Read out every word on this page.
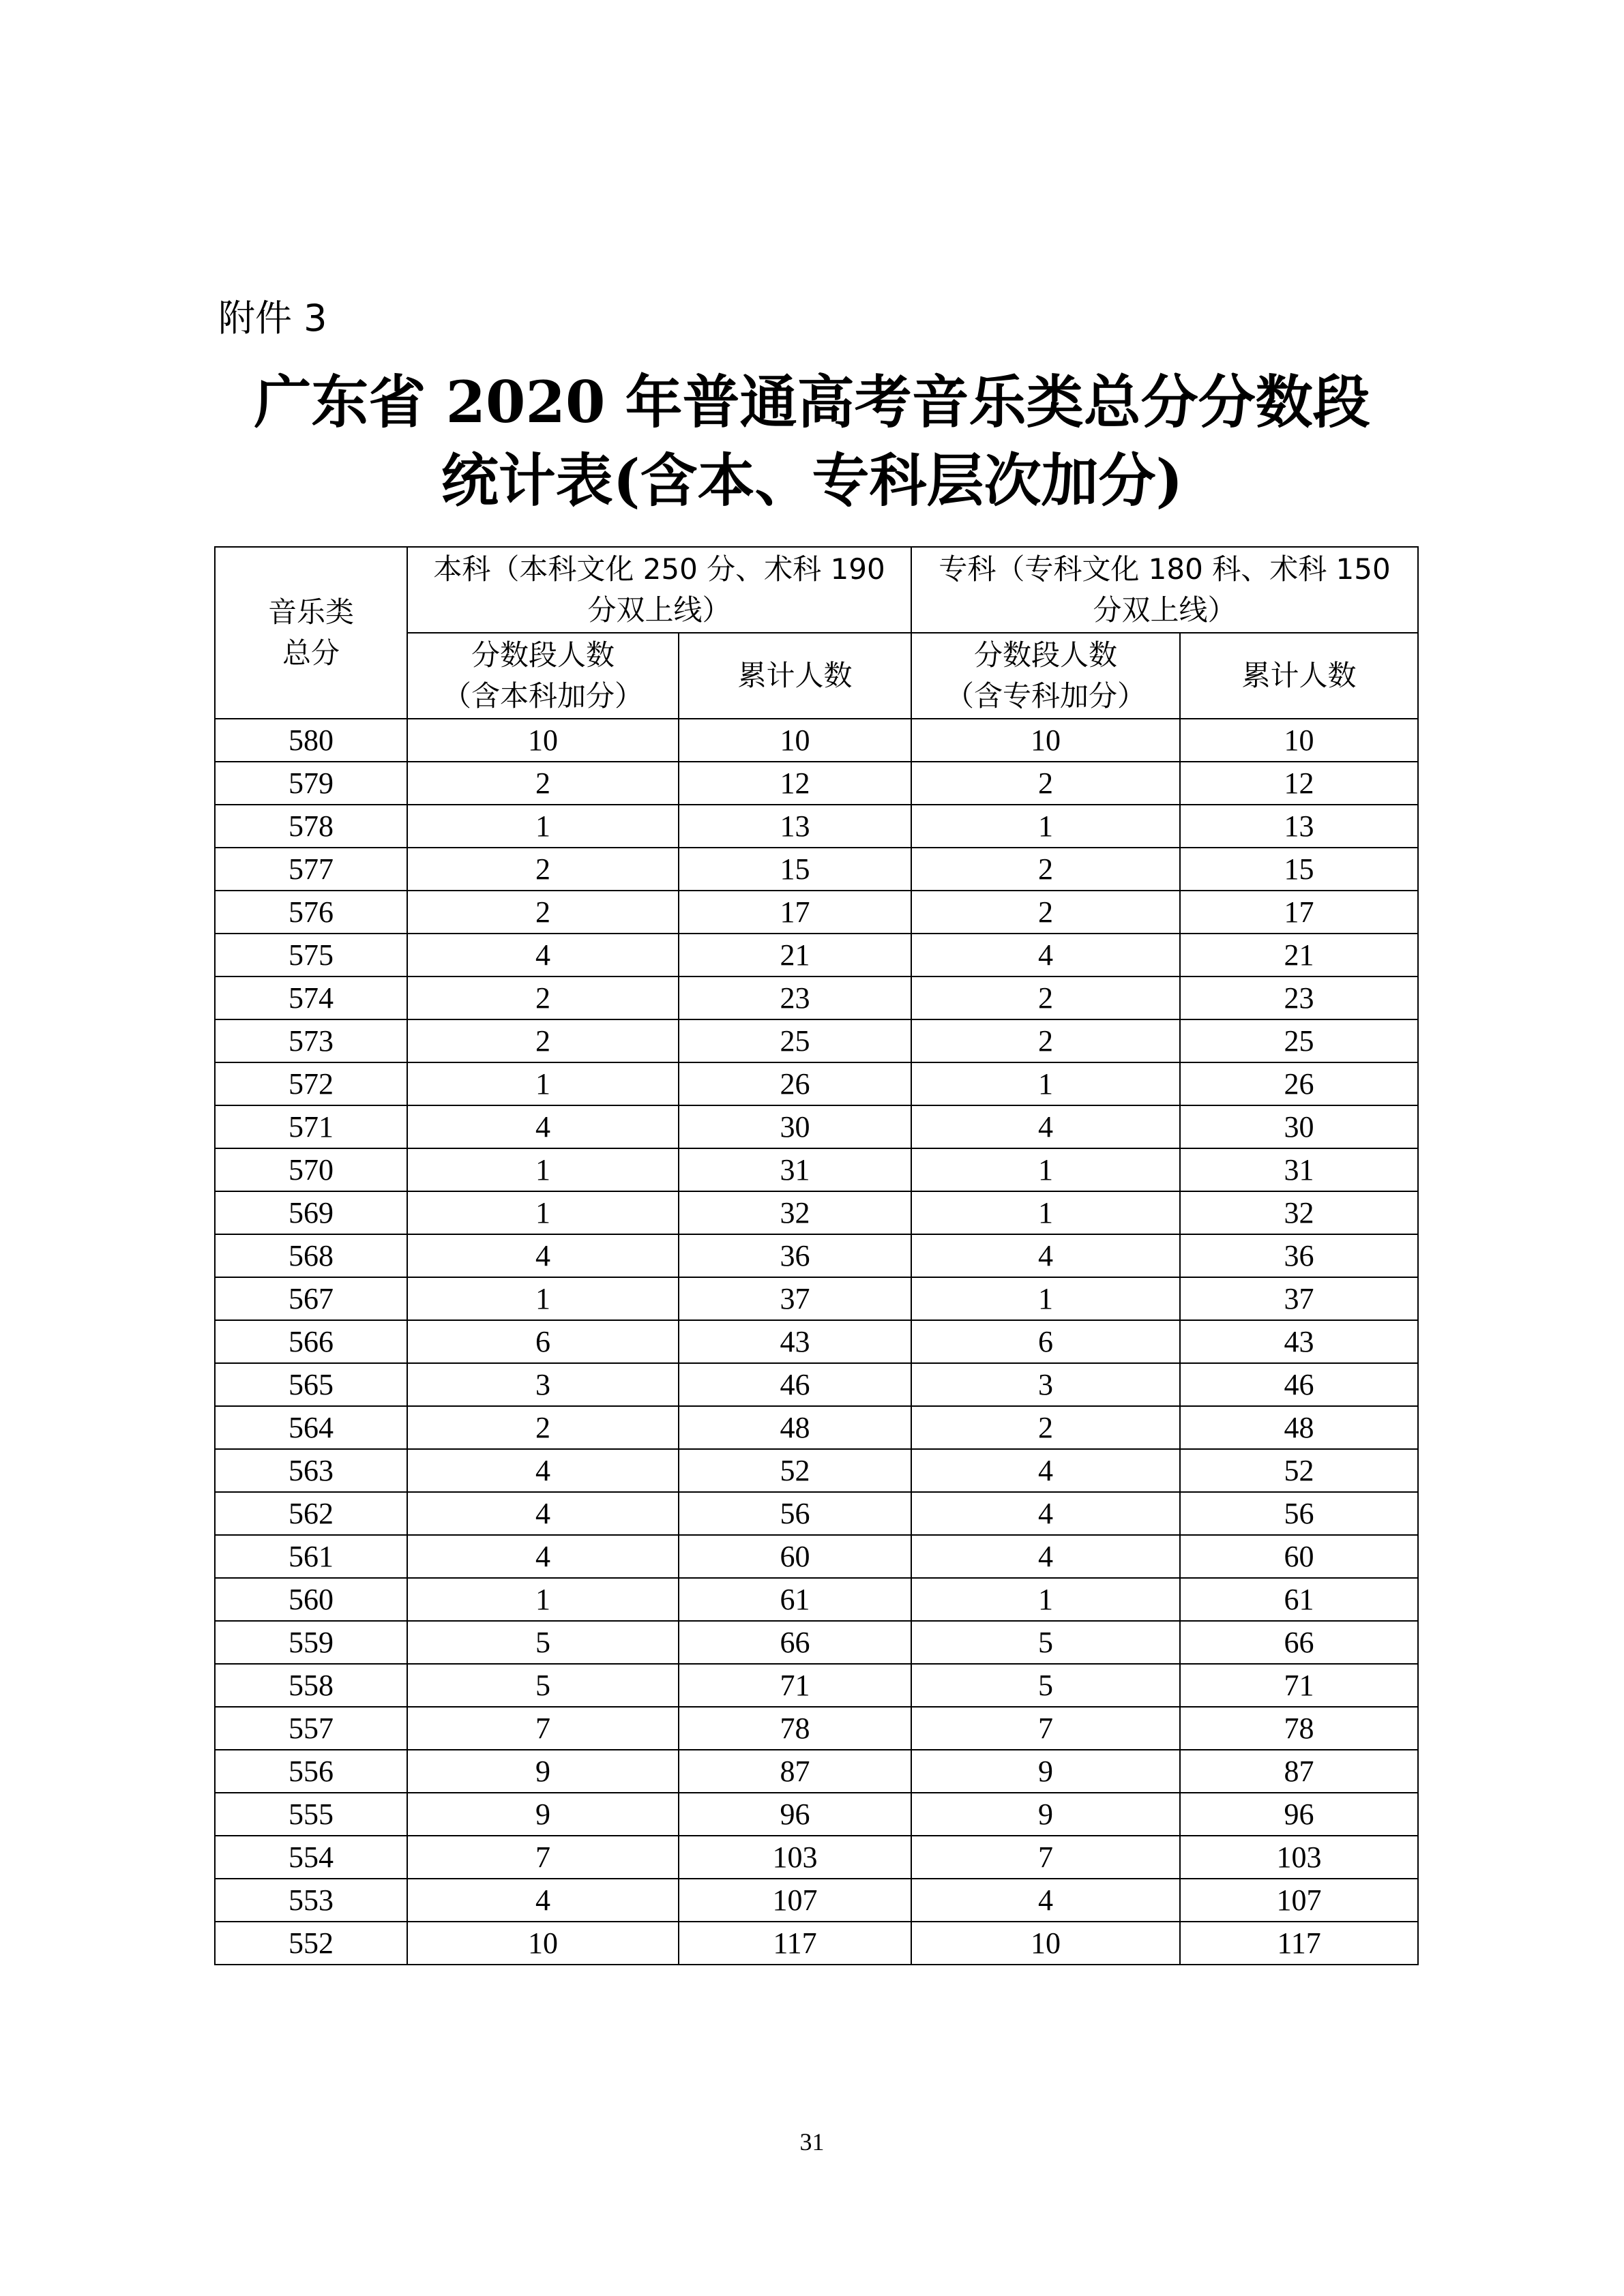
附件 3
广东省 2020 年普通高考音乐类总分分数段
统计表(含本、专科层次加分)
音乐类
总分	本科（本科文化 250 分、术科 190
分双上线）		专科（专科文化 180 科、术科 150
分双上线）	
	分数段人数
（含本科加分）	累计人数	分数段人数
（含专科加分）	累计人数
580	10	10	10	10
579	2	12	2	12
578	1	13	1	13
577	2	15	2	15
576	2	17	2	17
575	4	21	4	21
574	2	23	2	23
573	2	25	2	25
572	1	26	1	26
571	4	30	4	30
570	1	31	1	31
569	1	32	1	32
568	4	36	4	36
567	1	37	1	37
566	6	43	6	43
565	3	46	3	46
564	2	48	2	48
563	4	52	4	52
562	4	56	4	56
561	4	60	4	60
560	1	61	1	61
559	5	66	5	66
558	5	71	5	71
557	7	78	7	78
556	9	87	9	87
555	9	96	9	96
554	7	103	7	103
553	4	107	4	107
552	10	117	10	117
31
